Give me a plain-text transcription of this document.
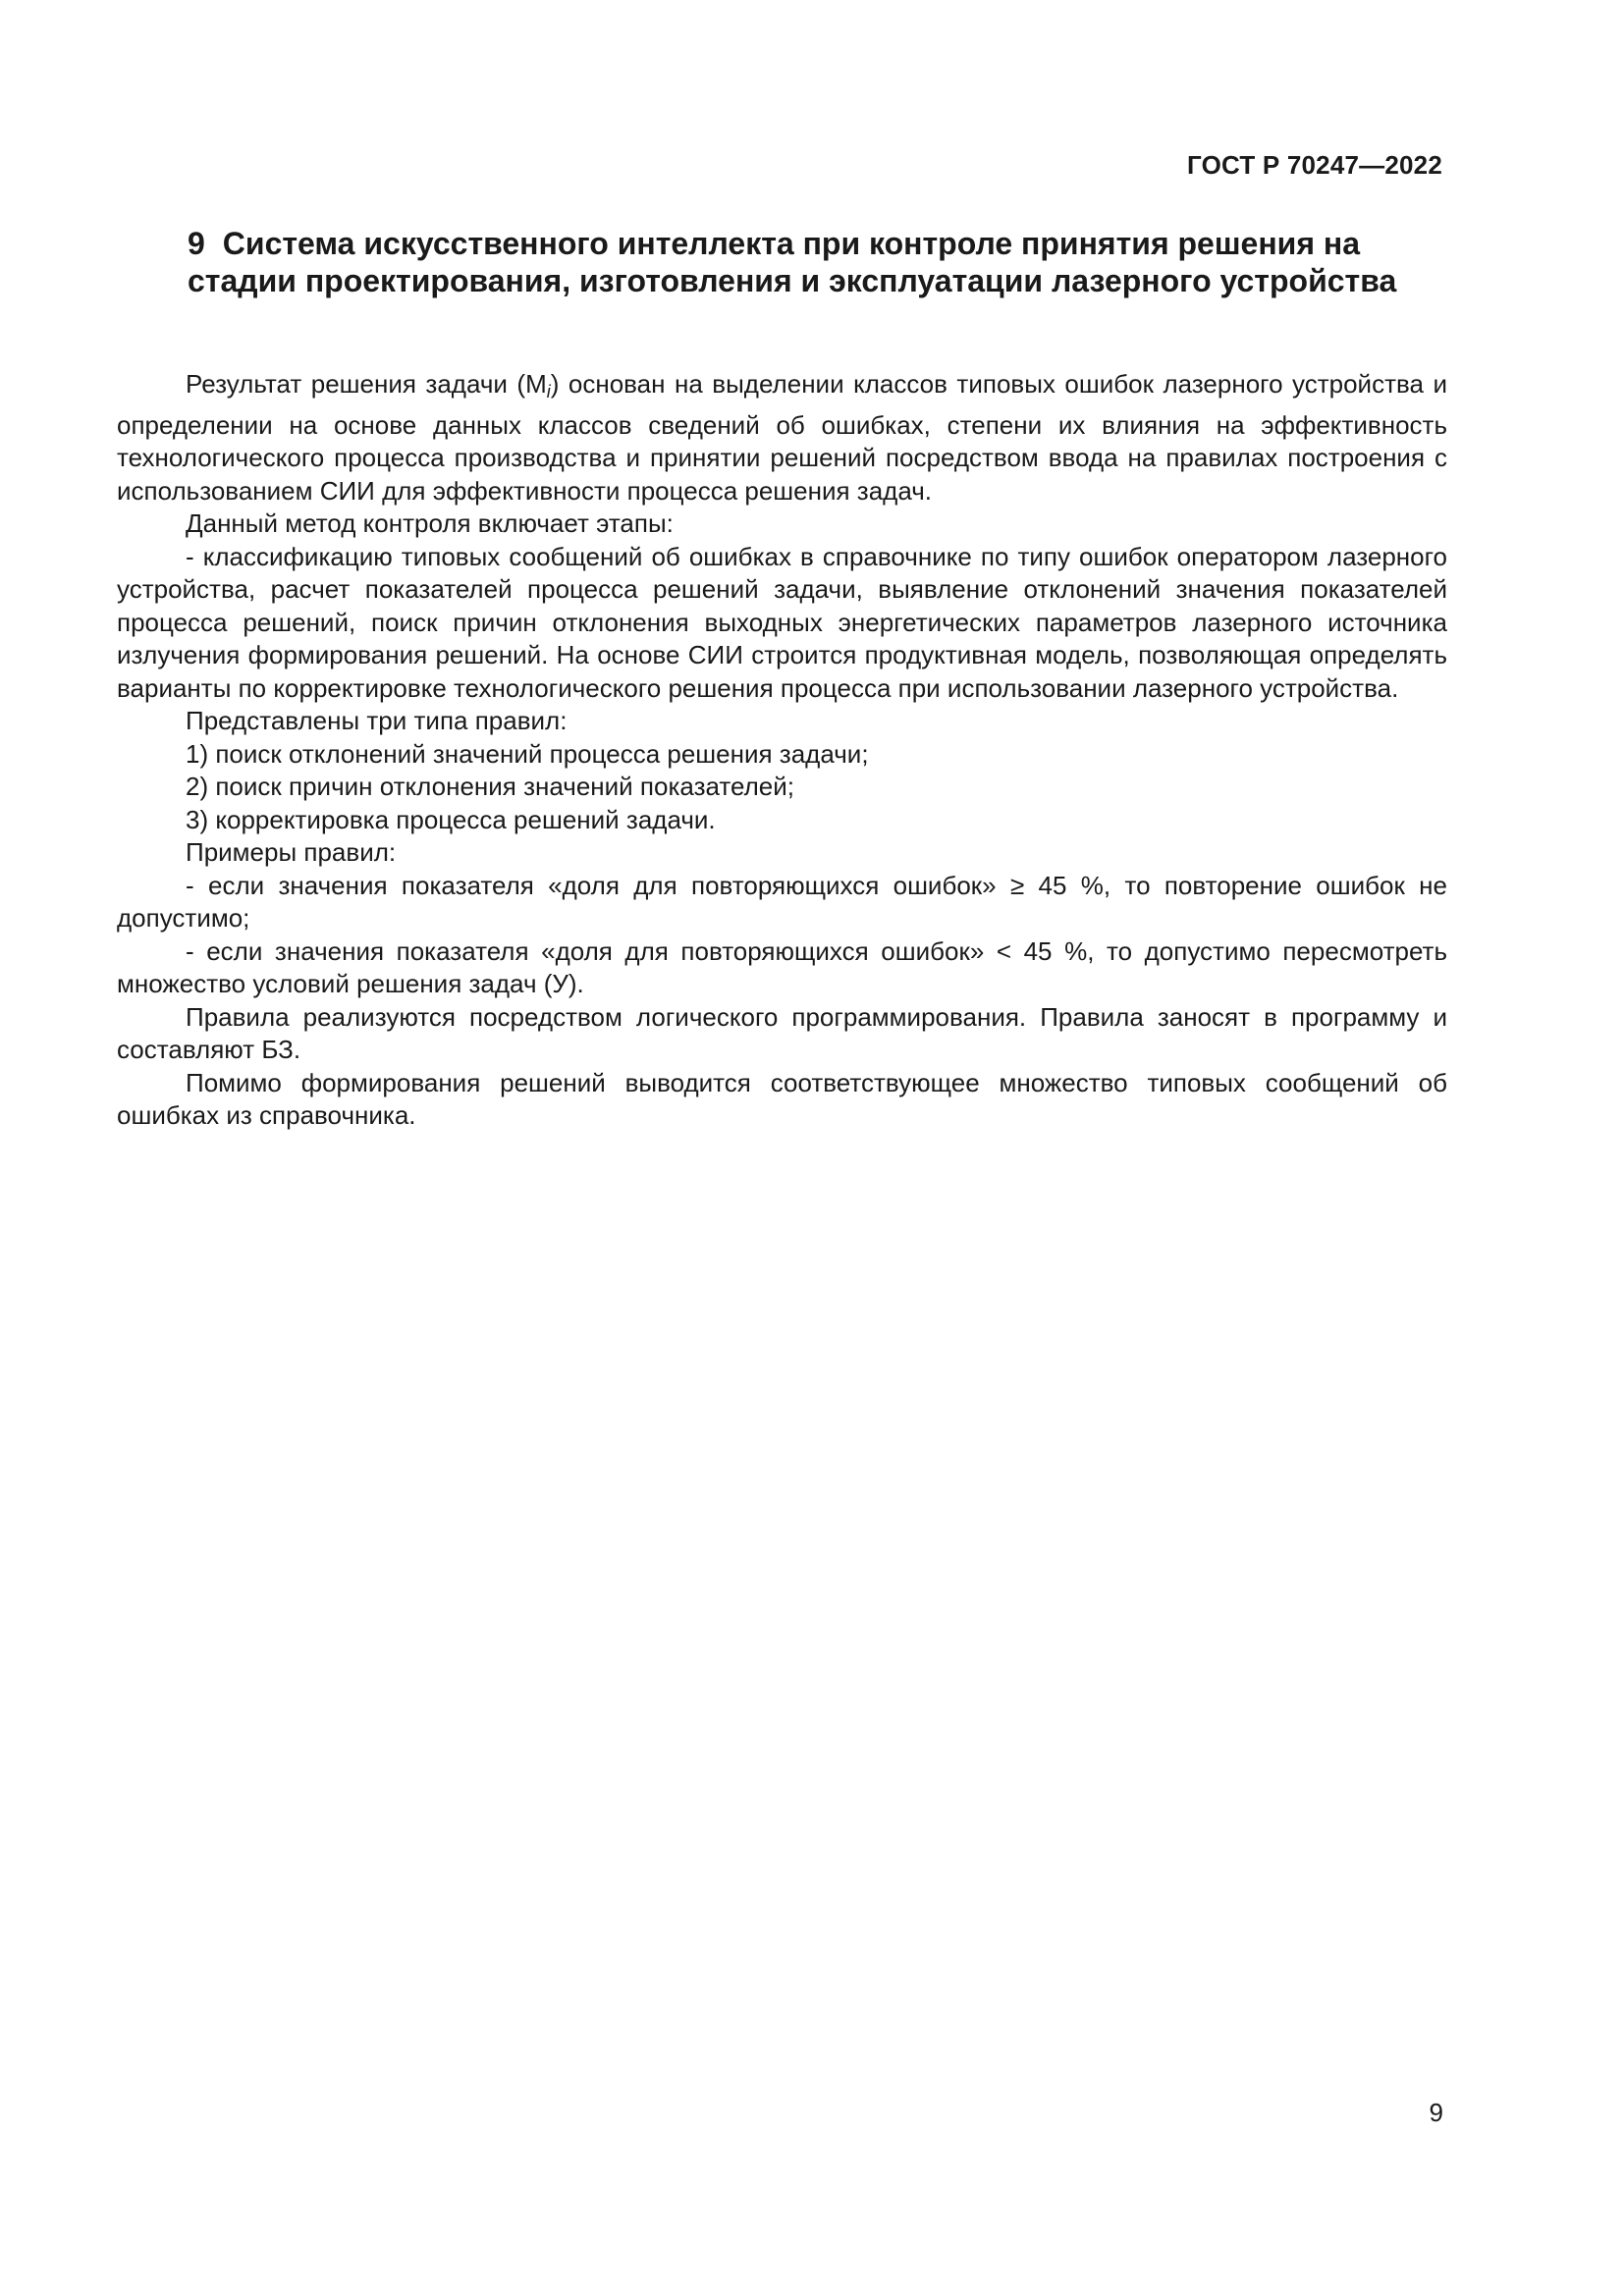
ГОСТ Р 70247—2022
9 Система искусственного интеллекта при контроле принятия решения на стадии проектирования, изготовления и эксплуатации лазерного устройства

Результат решения задачи (Mi) основан на выделении классов типовых ошибок лазерного устройства и определении на основе данных классов сведений об ошибках, степени их влияния на эффективность технологического процесса производства и принятии решений посредством ввода на правилах построения с использованием СИИ для эффективности процесса решения задач.

Данный метод контроля включает этапы:

- классификацию типовых сообщений об ошибках в справочнике по типу ошибок оператором лазерного устройства, расчет показателей процесса решений задачи, выявление отклонений значения показателей процесса решений, поиск причин отклонения выходных энергетических параметров лазерного источника излучения формирования решений. На основе СИИ строится продуктивная модель, позволяющая определять варианты по корректировке технологического решения процесса при использовании лазерного устройства.

Представлены три типа правил:

1) поиск отклонений значений процесса решения задачи;

2) поиск причин отклонения значений показателей;

3) корректировка процесса решений задачи.

Примеры правил:

- если значения показателя «доля для повторяющихся ошибок» ≥ 45 %, то повторение ошибок не допустимо;

- если значения показателя «доля для повторяющихся ошибок» < 45 %, то допустимо пересмотреть множество условий решения задач (У).

Правила реализуются посредством логического программирования. Правила заносят в программу и составляют БЗ.

Помимо формирования решений выводится соответствующее множество типовых сообщений об ошибках из справочника.

9
